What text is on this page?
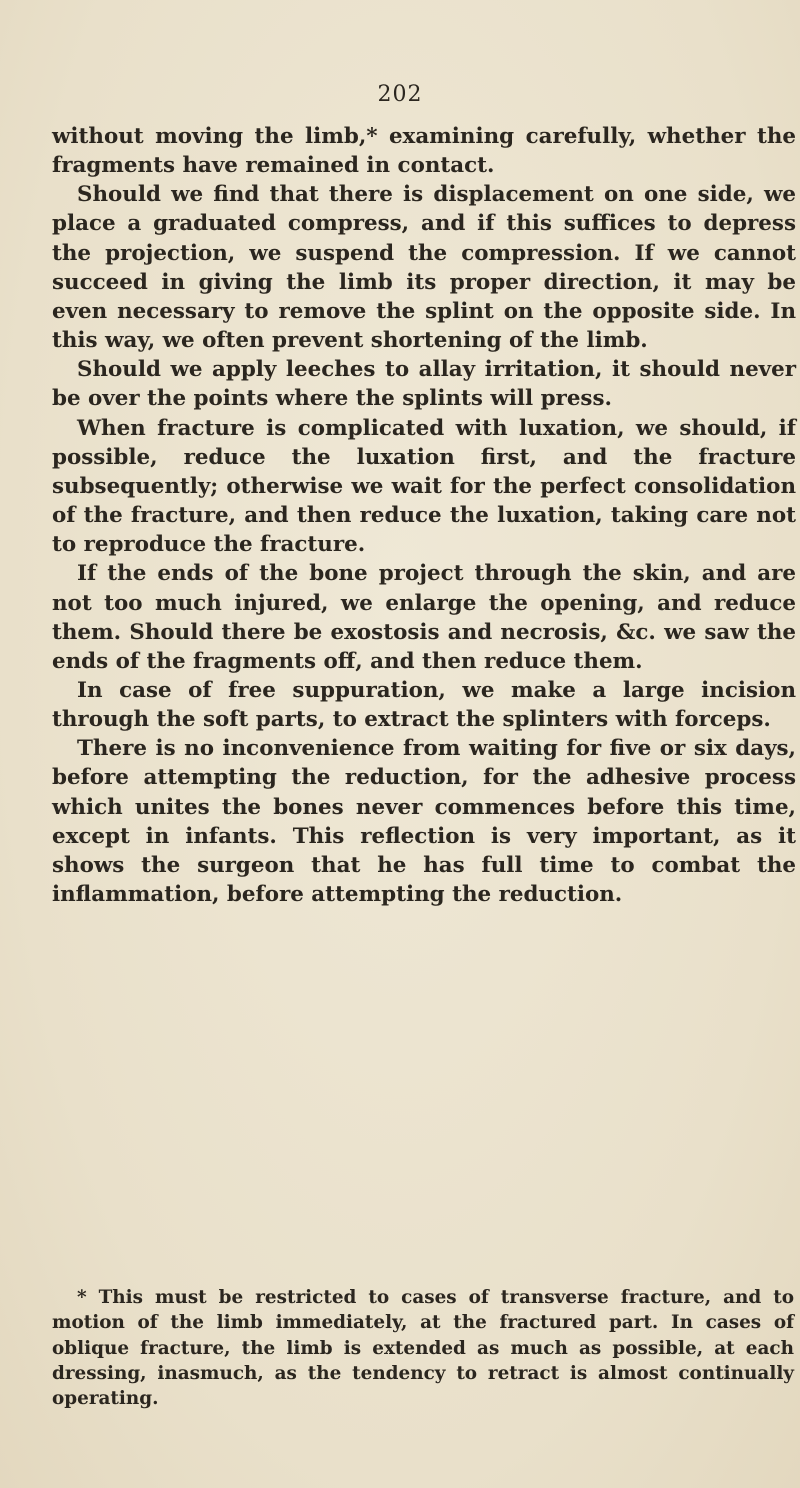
202

without moving the limb,* examining carefully, whether the fragments have remained in contact.

Should we find that there is displacement on one side, we place a graduated compress, and if this suffices to depress the projection, we suspend the compression. If we cannot succeed in giving the limb its proper direction, it may be even necessary to remove the splint on the opposite side. In this way, we often prevent shortening of the limb.

Should we apply leeches to allay irritation, it should never be over the points where the splints will press.

When fracture is complicated with luxation, we should, if possible, reduce the luxation first, and the fracture subsequently; otherwise we wait for the perfect consolidation of the fracture, and then reduce the luxation, taking care not to reproduce the fracture.

If the ends of the bone project through the skin, and are not too much injured, we enlarge the opening, and reduce them. Should there be exostosis and necrosis, &c. we saw the ends of the fragments off, and then reduce them.

In case of free suppuration, we make a large incision through the soft parts, to extract the splinters with forceps.

There is no inconvenience from waiting for five or six days, before attempting the reduction, for the adhesive process which unites the bones never commences before this time, except in infants. This reflection is very important, as it shows the surgeon that he has full time to combat the inflammation, before attempting the reduction.

* This must be restricted to cases of transverse fracture, and to motion of the limb immediately, at the fractured part. In cases of oblique fracture, the limb is extended as much as possible, at each dressing, inasmuch, as the tendency to retract is almost continually operating.
